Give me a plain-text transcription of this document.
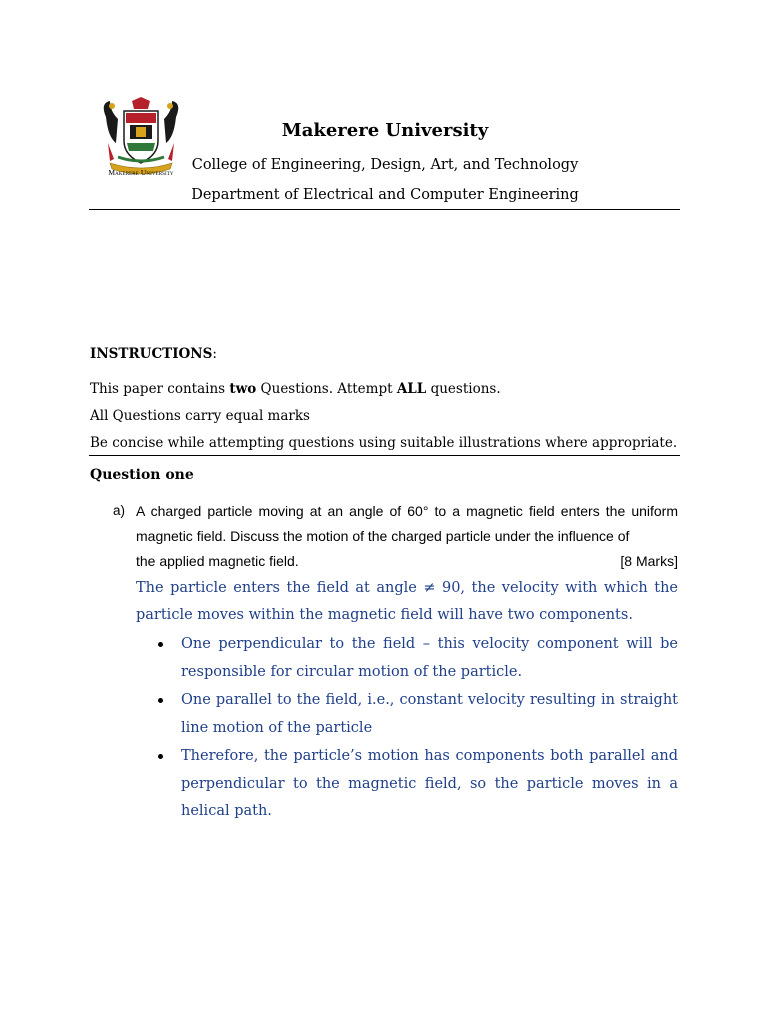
Makerere University
Makerere University
College of Engineering, Design, Art, and Technology
Department of Electrical and Computer Engineering
INSTRUCTIONS:
This paper contains two Questions. Attempt ALL questions.
All Questions carry equal marks
Be concise while attempting questions using suitable illustrations where appropriate.
Question one
a) A charged particle moving at an angle of 60° to a magnetic field enters the uniform magnetic field. Discuss the motion of the charged particle under the influence of
the applied magnetic field.	[8 Marks]
The particle enters the field at angle ≠ 90, the velocity with which the particle moves within the magnetic field will have two components.
One perpendicular to the field – this velocity component will be responsible for circular motion of the particle.
One parallel to the field, i.e., constant velocity resulting in straight line motion of the particle
Therefore, the particle’s motion has components both parallel and perpendicular to the magnetic field, so the particle moves in a helical path.
